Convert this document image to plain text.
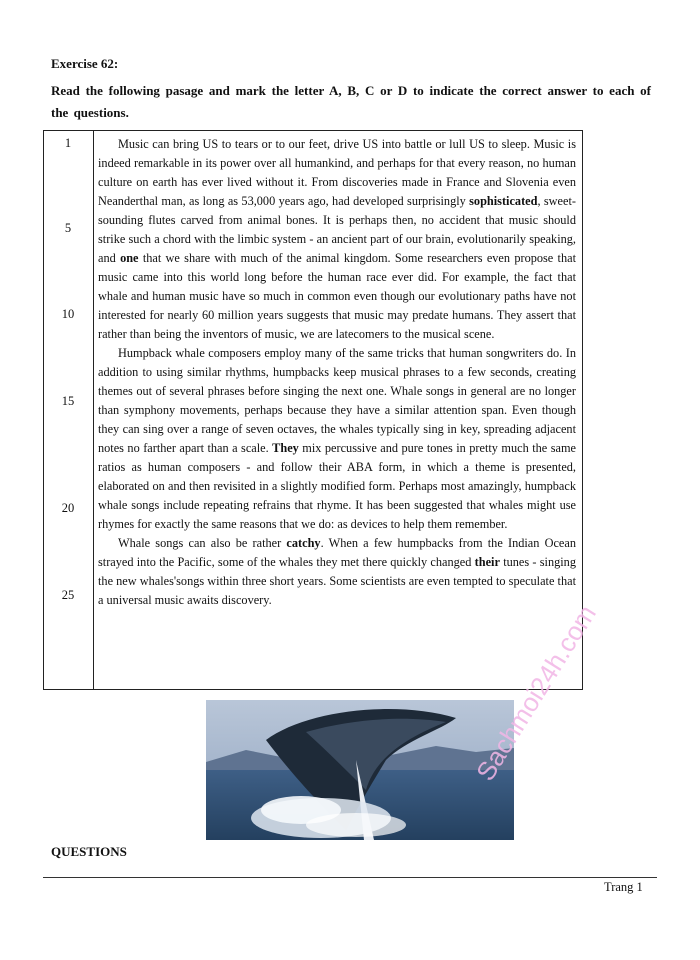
Exercise 62:
Read the following pasage and mark the letter A, B, C or D to indicate the correct answer to each of the questions.
1
5
10
15
20
25

Music can bring US to tears or to our feet, drive US into battle or lull US to sleep. Music is indeed remarkable in its power over all humankind, and perhaps for that every reason, no human culture on earth has ever lived without it. From discoveries made in France and Slovenia even Neanderthal man, as long as 53,000 years ago, had developed surprisingly sophisticated, sweet-sounding flutes carved from animal bones. It is perhaps then, no accident that music should strike such a chord with the limbic system - an ancient part of our brain, evolutionarily speaking, and one that we share with much of the animal kingdom. Some researchers even propose that music came into this world long before the human race ever did. For example, the fact that whale and human music have so much in common even though our evolutionary paths have not interested for nearly 60 million years suggests that music may predate humans. They assert that rather than being the inventors of music, we are latecomers to the musical scene.

Humpback whale composers employ many of the same tricks that human songwriters do. In addition to using similar rhythms, humpbacks keep musical phrases to a few seconds, creating themes out of several phrases before singing the next one. Whale songs in general are no longer than symphony movements, perhaps because they have a similar attention span. Even though they can sing over a range of seven octaves, the whales typically sing in key, spreading adjacent notes no farther apart than a scale. They mix percussive and pure tones in pretty much the same ratios as human composers - and follow their ABA form, in which a theme is presented, elaborated on and then revisited in a slightly modified form. Perhaps most amazingly, humpback whale songs include repeating refrains that rhyme. It has been suggested that whales might use rhymes for exactly the same reasons that we do: as devices to help them remember.

Whale songs can also be rather catchy. When a few humpbacks from the Indian Ocean strayed into the Pacific, some of the whales they met there quickly changed their tunes - singing the new whales'songs within three short years. Some scientists are even tempted to speculate that a universal music awaits discovery.

QUESTIONS
Trang 1
Sachmoi24h.com
